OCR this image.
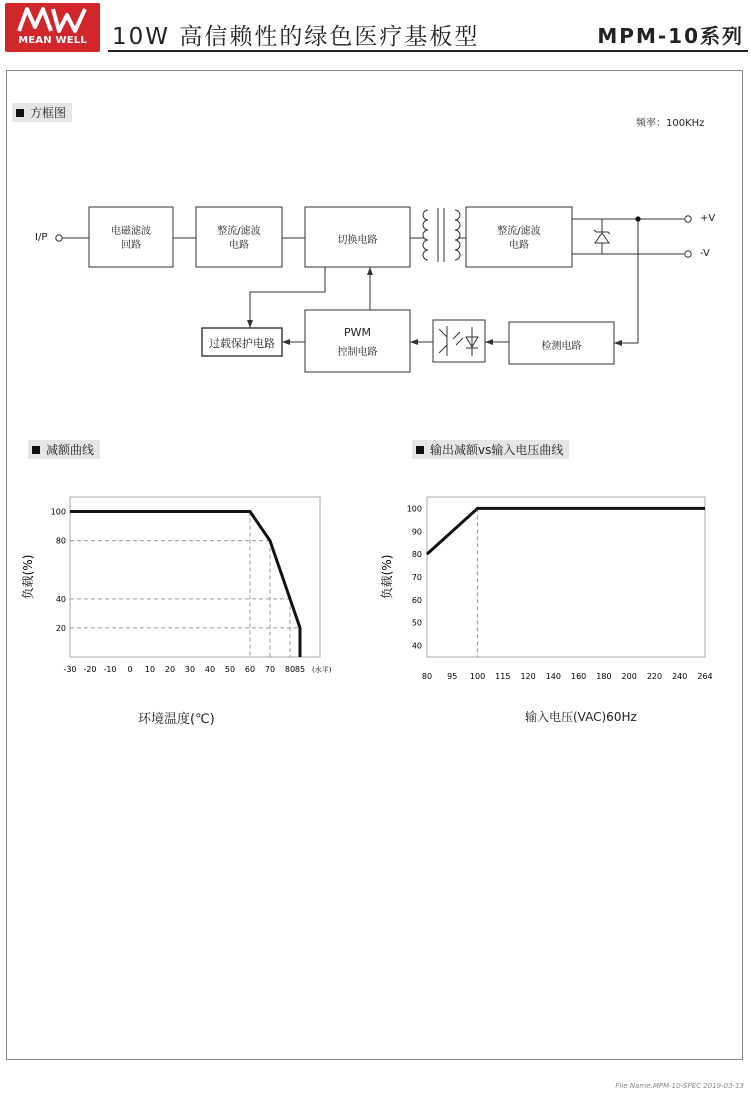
MEAN WELL	10W 高信赖性的绿色医疗基板型	MPM-10系列
方框图
频率：100KHz
I/P
+V
-V
电磁滤波
回路
整流/滤波
电路	切换电路
整流/滤波
电路
过载保护电路
PWM
控制电路
检测电路
减额曲线	输出减额vs输入电压曲线
-30 -20 -10 0 10 20 30 40 50 60 70 80 85 (水平)
20
40
80
100
负载(%)
80 95 100 115 120 140 160 180 200 220 240 264
40
50
60
70
80
90
100
负载(%)
环境温度(℃)	输入电压(VAC)60Hz
File Name:MPM-10-SPEC 2019-03-13
